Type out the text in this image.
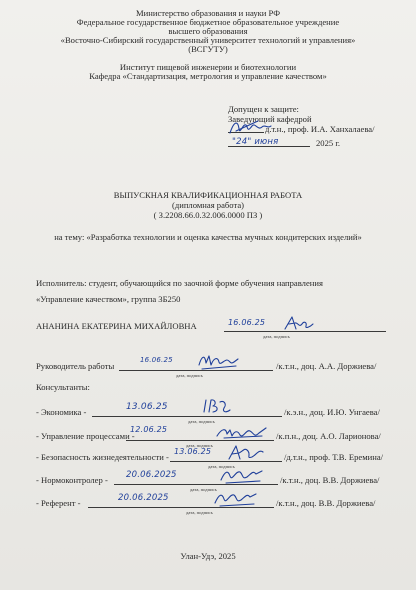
Министерство образования и науки РФ
Федеральное государственное бюджетное образовательное учреждение
высшего образования
«Восточно-Сибирский государственный университет технологий и управления»
(ВСГУТУ)
Институт пищевой инженерии и биотехнологии
Кафедра «Стандартизация, метрология и управление качеством»
Допущен к защите:
Заведующий кафедрой
д.т.н., проф. И.А. Ханхалаева/
2025 г.
"24" июня
ВЫПУСКНАЯ КВАЛИФИКАЦИОННАЯ РАБОТА
(дипломная работа)
( З.2208.66.0.32.006.0000 ПЗ )
на тему: «Разработка технологии и оценка качества мучных кондитерских изделий»
Исполнитель: студент, обучающийся по заочной форме обучения направления
«Управление качеством», группа 3Б250
АНАНИНА ЕКАТЕРИНА МИХАЙЛОВНА
дата, подпись
16.06.25
Руководитель работы
дата, подпись
/к.т.н., доц. А.А. Доржиева/
16.06.25
Консультанты:
- Экономика -
дата, подпись
/к.э.н., доц. И.Ю. Унгаева/
13.06.25
- Управление процессами -
дата, подпись
/к.п.н., доц. А.О. Ларионова/
12.06.25
- Безопасность жизнедеятельности -
дата, подпись
/д.т.н., проф. Т.В. Еремина/
13.06.25
- Нормоконтролер -
дата, подпись
/к.т.н., доц. В.В. Доржиева/
20.06.2025
- Референт -
дата, подпись
/к.т.н., доц. В.В. Доржиева/
20.06.2025
Улан-Удэ, 2025
